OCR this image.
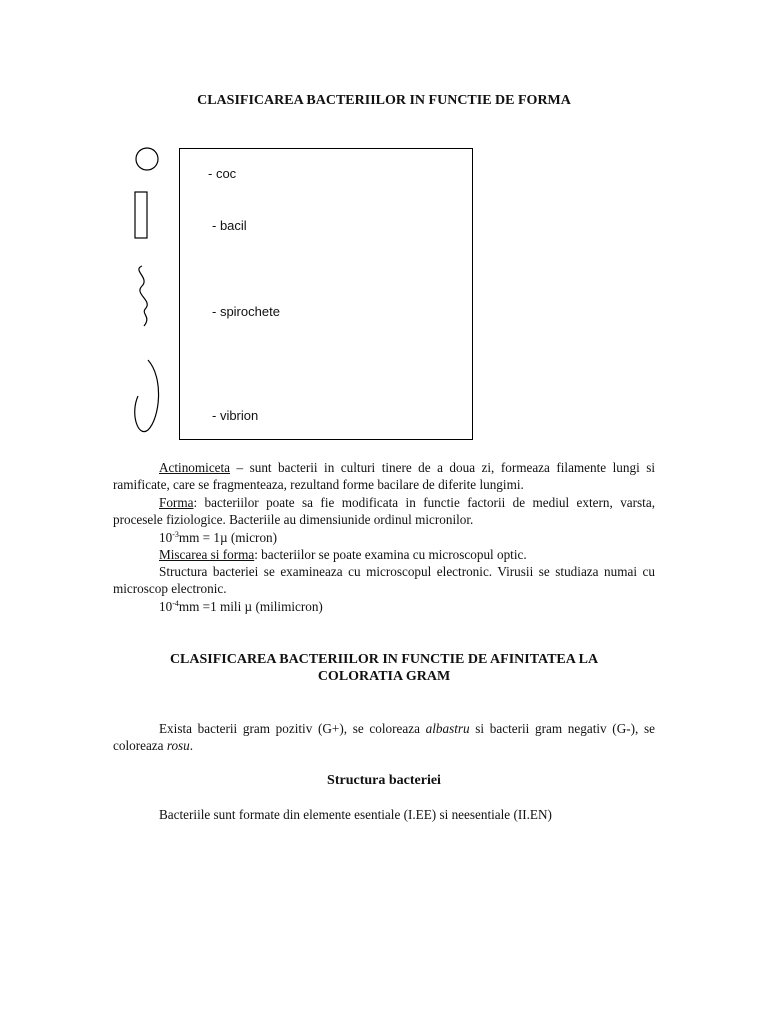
CLASIFICAREA BACTERIILOR IN FUNCTIE DE FORMA
- coc
- bacil
- spirochete
- vibrion
Actinomiceta – sunt bacterii in culturi tinere de a doua zi, formeaza filamente lungi si ramificate, care se fragmenteaza, rezultand forme bacilare de diferite lungimi.
Forma: bacteriilor poate sa fie modificata in functie factorii de mediul extern, varsta, procesele fiziologice. Bacteriile au dimensiunide ordinul micronilor.
$10^{-3}mm = 1\mu$ (micron)
Miscarea si forma: bacteriilor se poate examina cu microscopul optic.
Structura bacteriei se examineaza cu microscopul electronic. Virusii se studiaza numai cu microscop electronic.
$10^{-4}mm =1$ mili µ (milimicron)
CLASIFICAREA BACTERIILOR IN FUNCTIE DE AFINITATEA LA
COLORATIA GRAM
Exista bacterii gram pozitiv (G+), se coloreaza albastru si bacterii gram negativ (G-), se coloreaza rosu.
Structura bacteriei
Bacteriile sunt formate din elemente esentiale (I.EE) si neesentiale (II.EN)
